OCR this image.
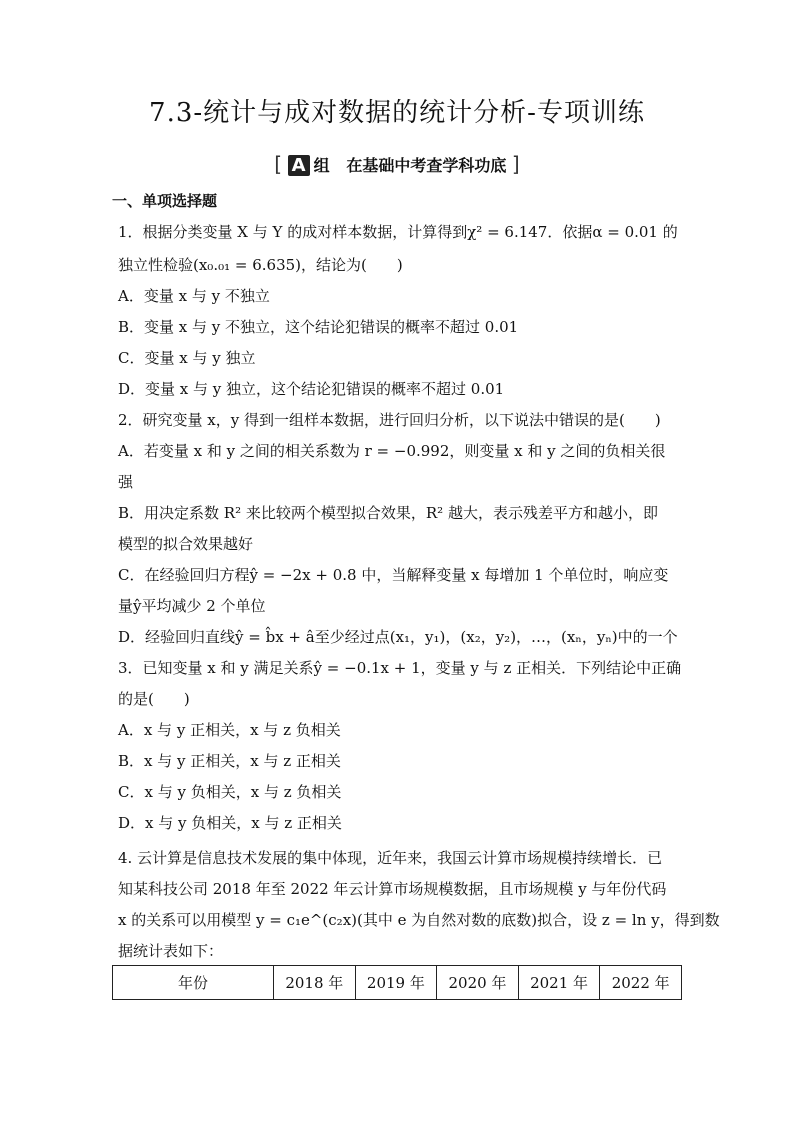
7.3-统计与成对数据的统计分析-专项训练
[ A 组 在基础中考查学科功底 ]
一、单项选择题
1．根据分类变量 X 与 Y 的成对样本数据，计算得到χ² = 6.147．依据α = 0.01 的
独立性检验(x₀.₀₁ = 6.635)，结论为(　　)
A．变量 x 与 y 不独立
B．变量 x 与 y 不独立，这个结论犯错误的概率不超过 0.01
C．变量 x 与 y 独立
D．变量 x 与 y 独立，这个结论犯错误的概率不超过 0.01
2．研究变量 x，y 得到一组样本数据，进行回归分析，以下说法中错误的是(　　)
A．若变量 x 和 y 之间的相关系数为 r = −0.992，则变量 x 和 y 之间的负相关很
强
B．用决定系数 R² 来比较两个模型拟合效果，R² 越大，表示残差平方和越小，即
模型的拟合效果越好
C．在经验回归方程ŷ = −2x + 0.8 中，当解释变量 x 每增加 1 个单位时，响应变
量ŷ平均减少 2 个单位
D．经验回归直线ŷ = b̂x + â至少经过点(x₁，y₁)，(x₂，y₂)，…，(xₙ，yₙ)中的一个
3．已知变量 x 和 y 满足关系ŷ = −0.1x + 1，变量 y 与 z 正相关．下列结论中正确
的是(　　)
A．x 与 y 正相关，x 与 z 负相关
B．x 与 y 正相关，x 与 z 正相关
C．x 与 y 负相关，x 与 z 负相关
D．x 与 y 负相关，x 与 z 正相关
4. 云计算是信息技术发展的集中体现，近年来，我国云计算市场规模持续增长．已
知某科技公司 2018 年至 2022 年云计算市场规模数据，且市场规模 y 与年份代码
x 的关系可以用模型 y = c₁e^(c₂x)(其中 e 为自然对数的底数)拟合，设 z = ln y，得到数
据统计表如下：
年份	2018 年	2019 年	2020 年	2021 年	2022 年
